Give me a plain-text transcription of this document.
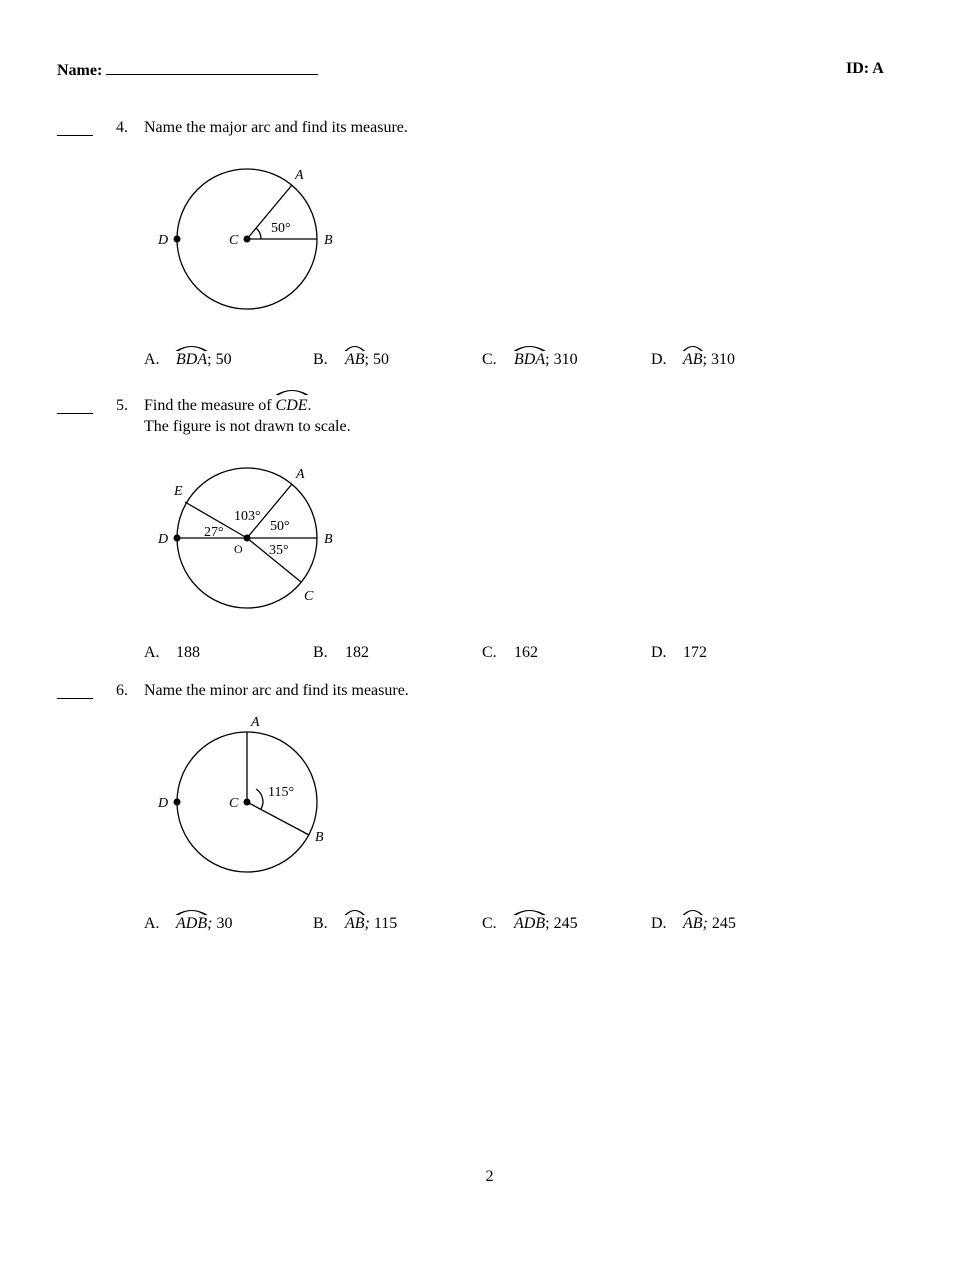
Name:	ID: A
4. Name the major arc and find its measure.
A
B
C
D
50°
A. BDA; 50	B. AB; 50	C. BDA; 310	D. AB; 310
5. Find the measure of
CDE.
The figure is not drawn to scale.
A
B
C
D
E
O
27°
103°
50°
35°
A. 188	B. 182	C. 162	D. 172
6. Name the minor arc and find its measure.
A
B
C
D
115°
A. ADB; 30	B. AB; 115	C. ADB; 245	D. AB; 245
2
